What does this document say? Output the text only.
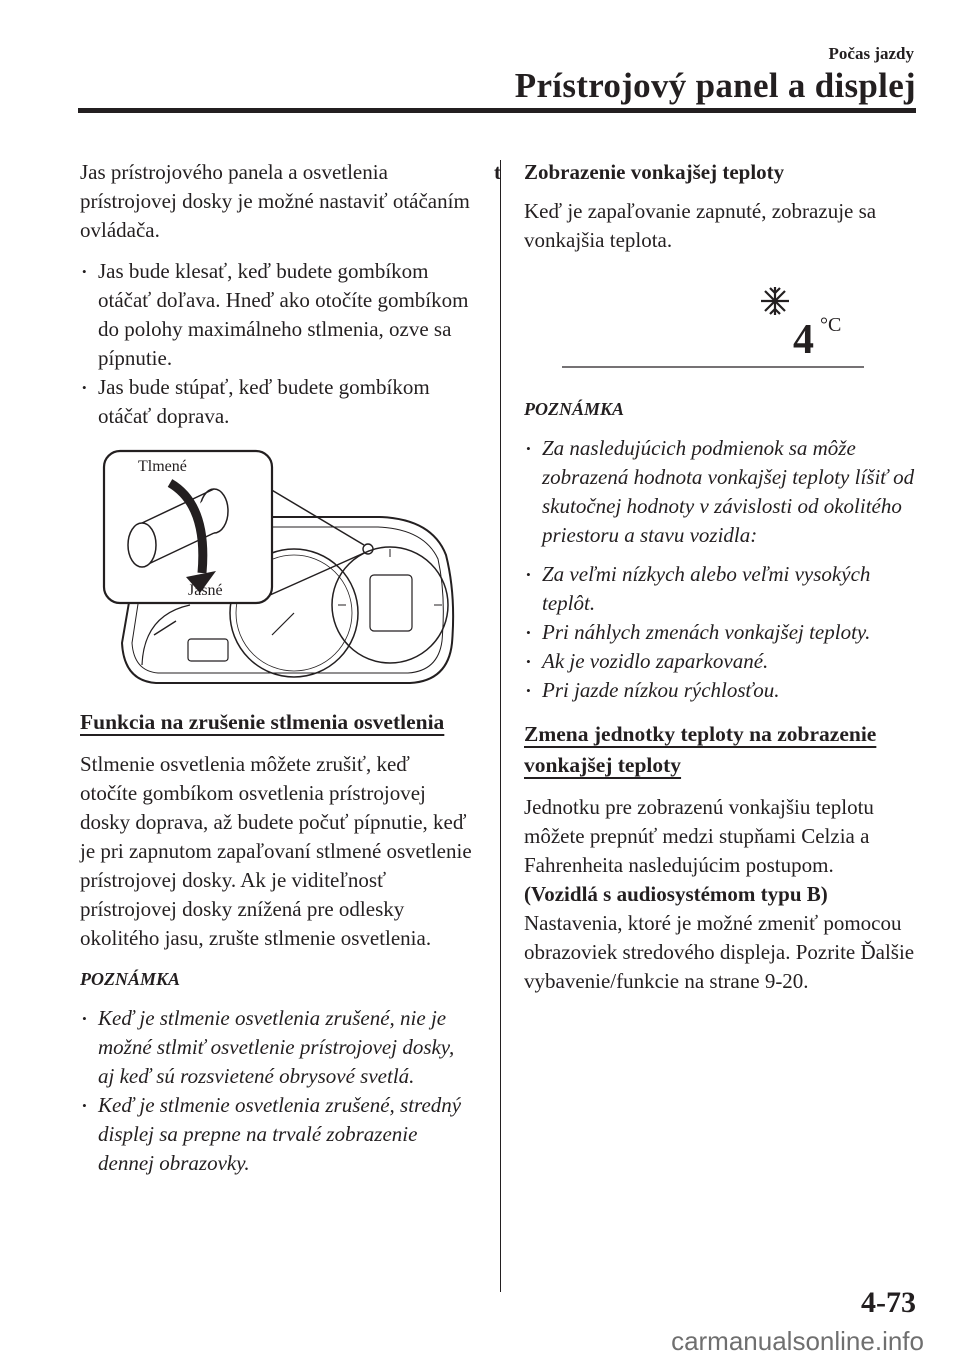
Počas jazdy
Prístrojový panel a displej

Jas prístrojového panela a osvetlenia prístrojovej dosky je možné nastaviť otáčaním ovládača.

• Jas bude klesať, keď budete gombíkom otáčať doľava. Hneď ako otočíte gombíkom do polohy maximálneho stlmenia, ozve sa pípnutie.
• Jas bude stúpať, keď budete gombíkom otáčať doprava.
Tlmené
Jasné
Funkcia na zrušenie stlmenia osvetlenia

Stlmenie osvetlenia môžete zrušiť, keď otočíte gombíkom osvetlenia prístrojovej dosky doprava, až budete počuť pípnutie, keď je pri zapnutom zapaľovaní stlmené osvetlenie prístrojovej dosky. Ak je viditeľnosť prístrojovej dosky znížená pre odlesky okolitého jasu, zrušte stlmenie osvetlenia.

POZNÁMKA
• Keď je stlmenie osvetlenia zrušené, nie je možné stlmiť osvetlenie prístrojovej dosky, aj keď sú rozsvietené obrysové svetlá.
• Keď je stlmenie osvetlenia zrušené, stredný displej sa prepne na trvalé zobrazenie dennej obrazovky.
t Zobrazenie vonkajšej teploty

Keď je zapaľovanie zapnuté, zobrazuje sa vonkajšia teplota.

4 °C
POZNÁMKA
• Za nasledujúcich podmienok sa môže zobrazená hodnota vonkajšej teploty líšiť od skutočnej hodnoty v závislosti od okolitého priestoru a stavu vozidla:
• Za veľmi nízkych alebo veľmi vysokých teplôt.
• Pri náhlych zmenách vonkajšej teploty.
• Ak je vozidlo zaparkované.
• Pri jazde nízkou rýchlosťou.
Zmena jednotky teploty na zobrazenie vonkajšej teploty

Jednotku pre zobrazenú vonkajšiu teplotu môžete prepnúť medzi stupňami Celzia a Fahrenheita nasledujúcim postupom.

(Vozidlá s audiosystémom typu B)

Nastavenia, ktoré je možné zmeniť pomocou obrazoviek stredového displeja. Pozrite Ďalšie vybavenie/funkcie na strane 9-20.

4-73
carmanualsonline.info
